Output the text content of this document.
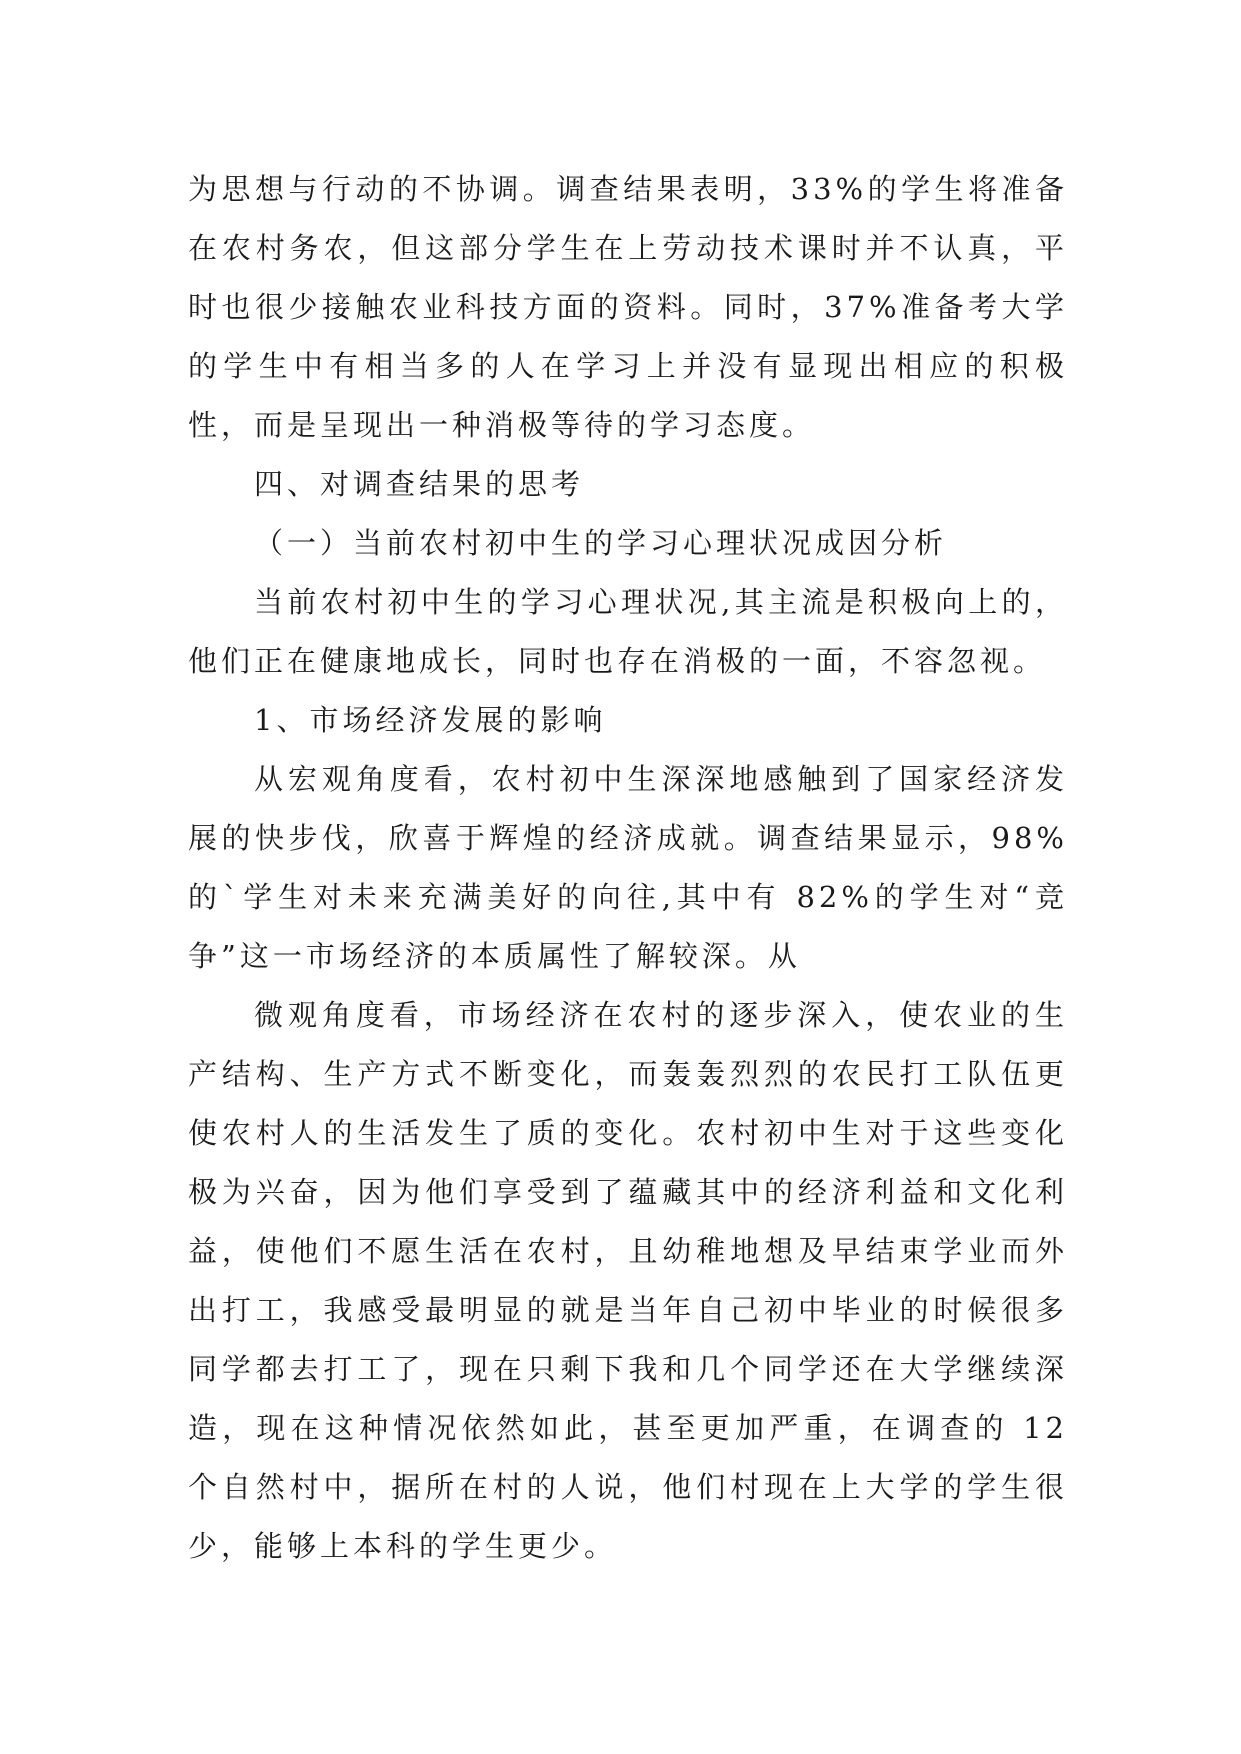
为思想与行动的不协调。调查结果表明，33%的学生将准备在农村务农，但这部分学生在上劳动技术课时并不认真，平时也很少接触农业科技方面的资料。同时，37%准备考大学的学生中有相当多的人在学习上并没有显现出相应的积极性，而是呈现出一种消极等待的学习态度。

四、对调查结果的思考

（一）当前农村初中生的学习心理状况成因分析

当前农村初中生的学习心理状况,其主流是积极向上的，他们正在健康地成长，同时也存在消极的一面，不容忽视。

1、市场经济发展的影响

从宏观角度看，农村初中生深深地感触到了国家经济发展的快步伐，欣喜于辉煌的经济成就。调查结果显示，98%的`学生对未来充满美好的向往,其中有 82%的学生对“竞争”这一市场经济的本质属性了解较深。从

微观角度看，市场经济在农村的逐步深入，使农业的生产结构、生产方式不断变化，而轰轰烈烈的农民打工队伍更使农村人的生活发生了质的变化。农村初中生对于这些变化极为兴奋，因为他们享受到了蕴藏其中的经济利益和文化利益，使他们不愿生活在农村，且幼稚地想及早结束学业而外出打工，我感受最明显的就是当年自己初中毕业的时候很多同学都去打工了，现在只剩下我和几个同学还在大学继续深造，现在这种情况依然如此，甚至更加严重，在调查的 12个自然村中，据所在村的人说，他们村现在上大学的学生很少，能够上本科的学生更少。
